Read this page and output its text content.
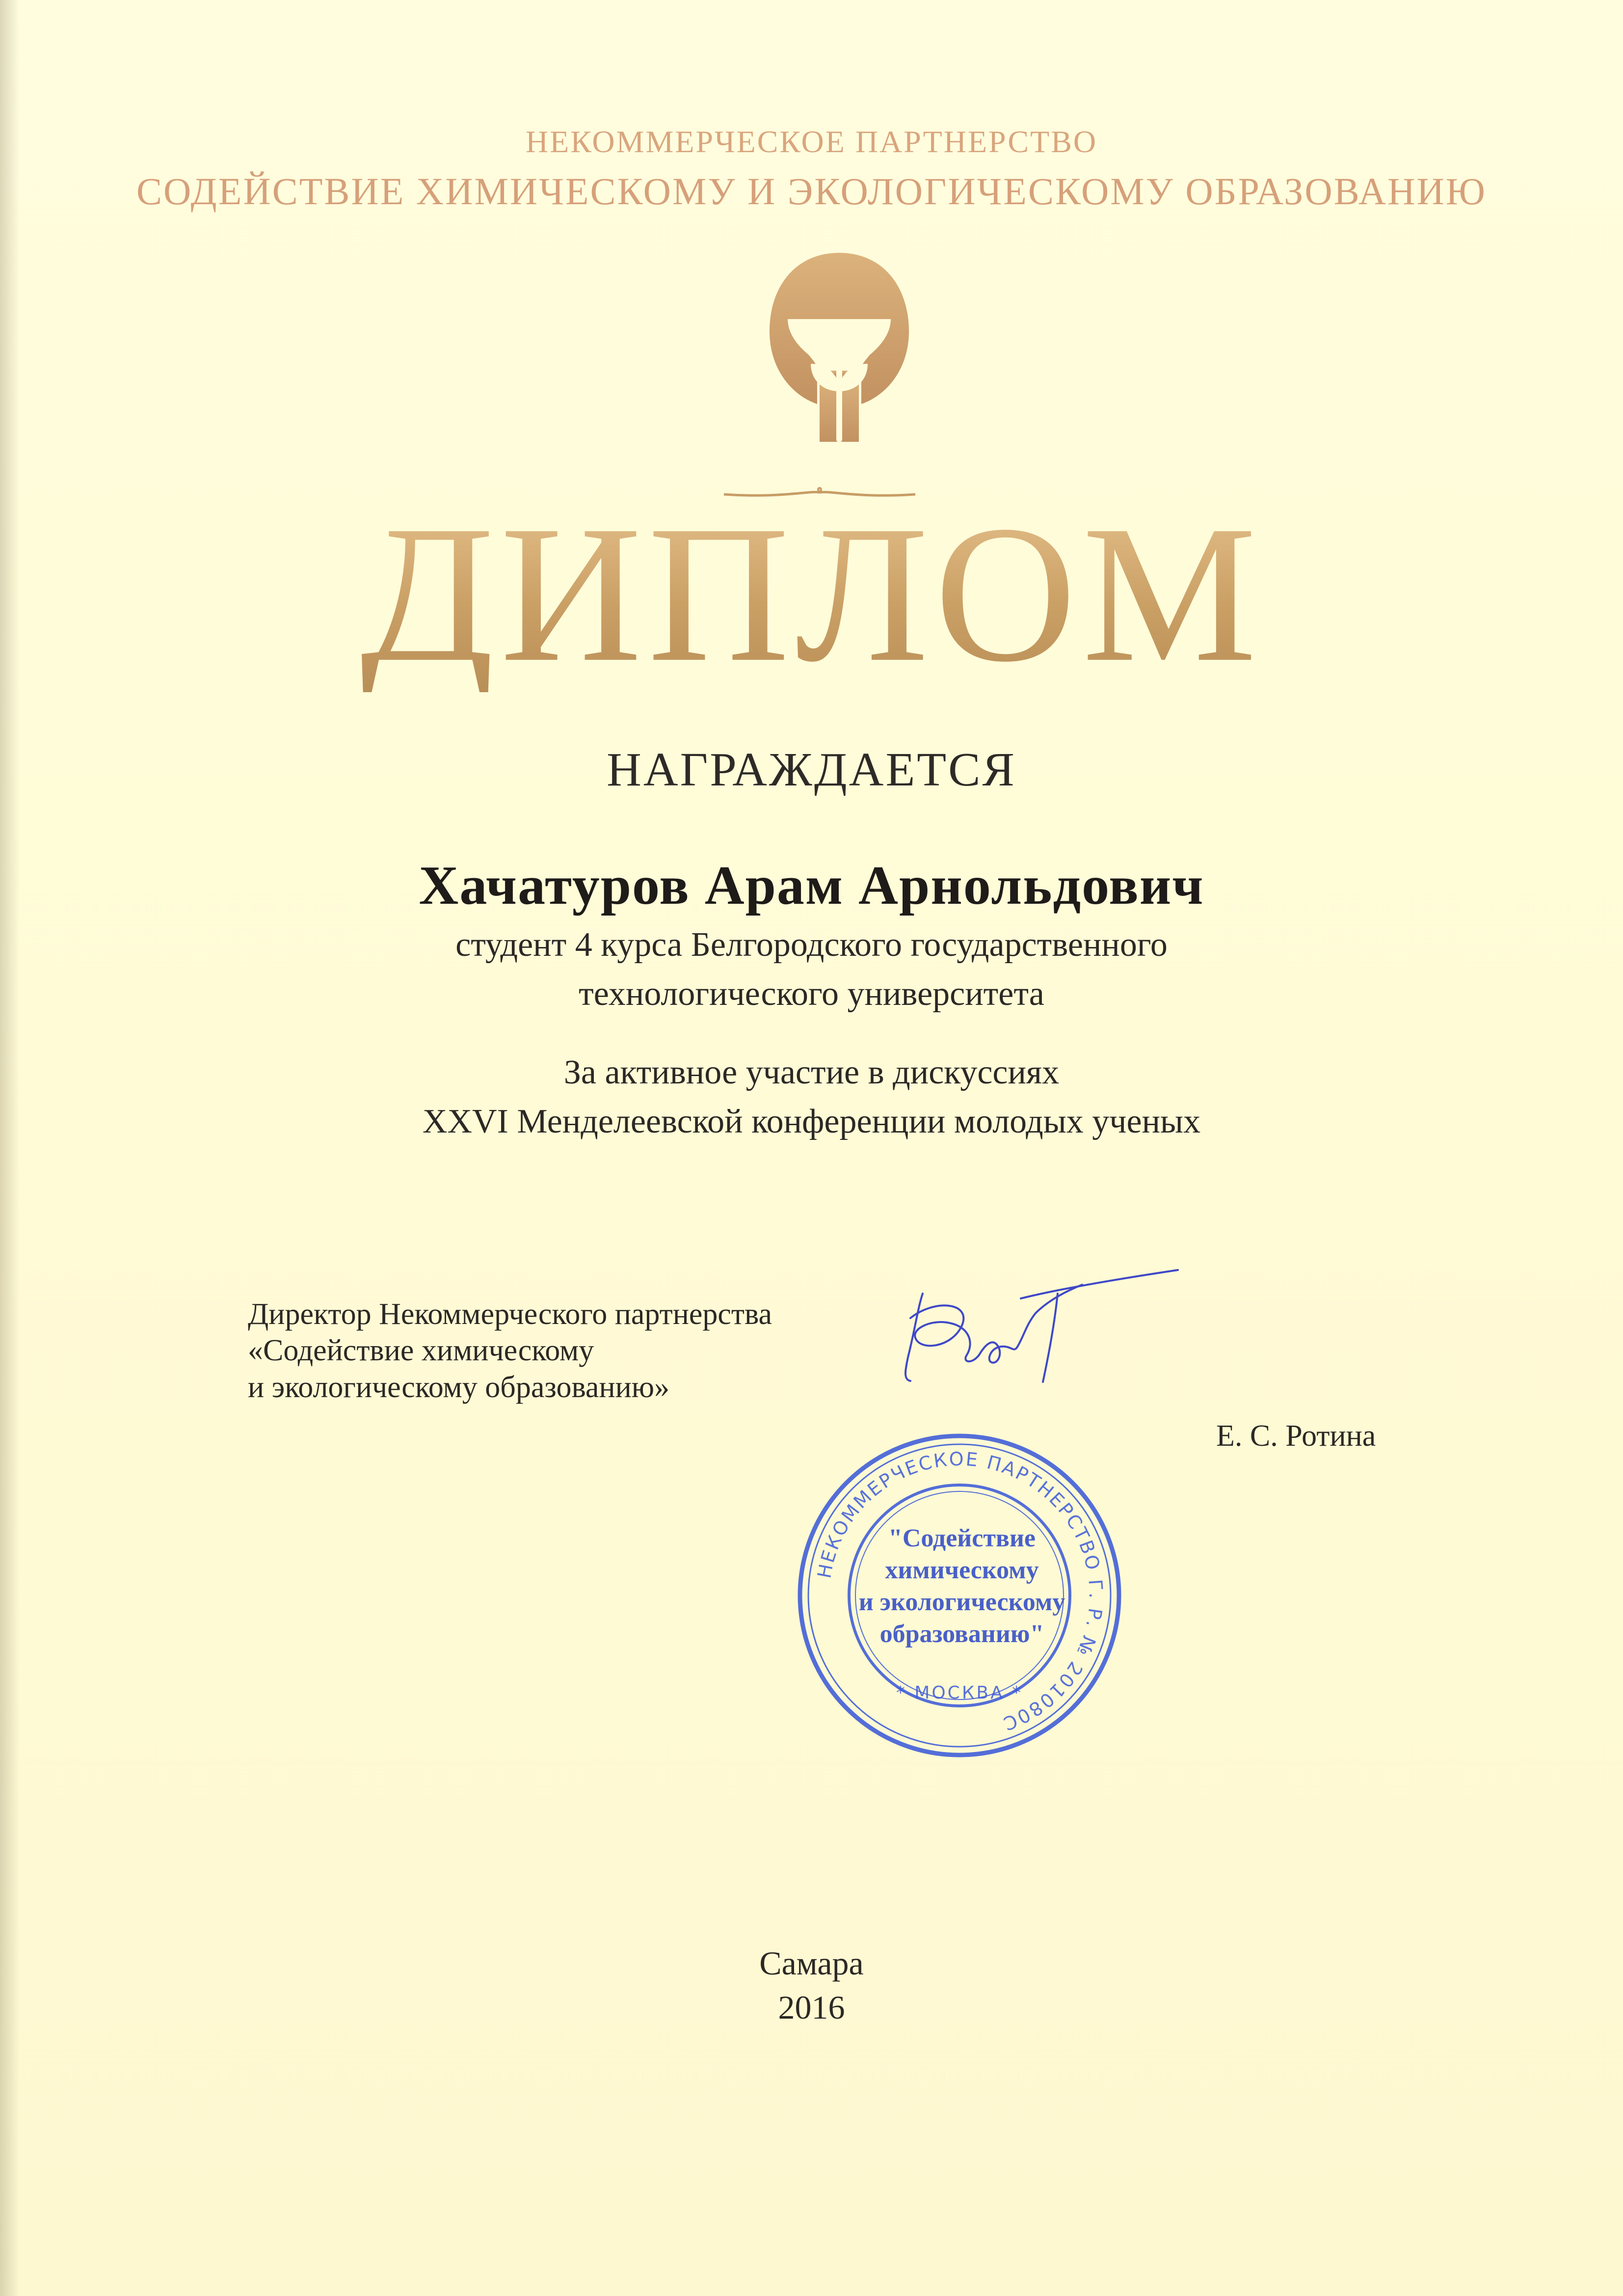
НЕКОММЕРЧЕСКОЕ ПАРТНЕРСТВО
СОДЕЙСТВИЕ ХИМИЧЕСКОМУ И ЭКОЛОГИЧЕСКОМУ ОБРАЗОВАНИЮ
ДИПЛОМ
НАГРАЖДАЕТСЯ
Хачатуров Арам Арнольдович
студент 4 курса Белгородского государственного
технологического университета
За активное участие в дискуссиях
XXVI Менделеевской конференции молодых ученых
Директор Некоммерческого партнерства
«Содействие химическому
и экологическому образованию»
Е. С. Ротина
НЕКОММЕРЧЕСКОЕ ПАРТНЕРСТВО Г. Р. № 201080С
* МОСКВА *
"Содействие
химическому
и экологическому
образованию"
Самара
2016
